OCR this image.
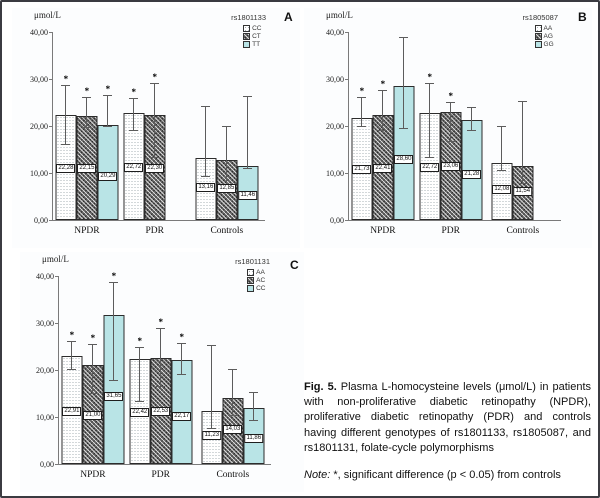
μmol/L	rs1801133
CC
CT
TT
40,00
30,00
20,00
10,00
0,00
*
22,28
*
22,15
*
20,29
NPDR
*
22,72
*
22,30
PDR
13,16 12,85
11,46
Controls
μmol/L	rs1805087
AA
AG
GG
40,00
30,00
20,00
10,00
0,00
*
21,73
*
22,41
28,60
NPDR
*
22,72
*
23,06
21,28
PDR
12,08	11,54
Controls
μmol/L	rs1801131
AA
AC
CC
40,00
30,00
20,00
10,00
0,00
*
22,91
*
21,00
*
31,65
NPDR
*
22,42
*
22,53
*
22,17
PDR
11,23
14,03
11,86
Controls
A	B
C

Fig. 5. Plasma L-homocysteine levels (μmol/L) in patients with non-proliferative diabetic retinopathy (NPDR), proliferative diabetic retinopathy (PDR) and controls having different genotypes of rs1801133, rs1805087, and rs1801131, folate-cycle polymorphisms

Note: *, significant difference (p < 0.05) from controls
